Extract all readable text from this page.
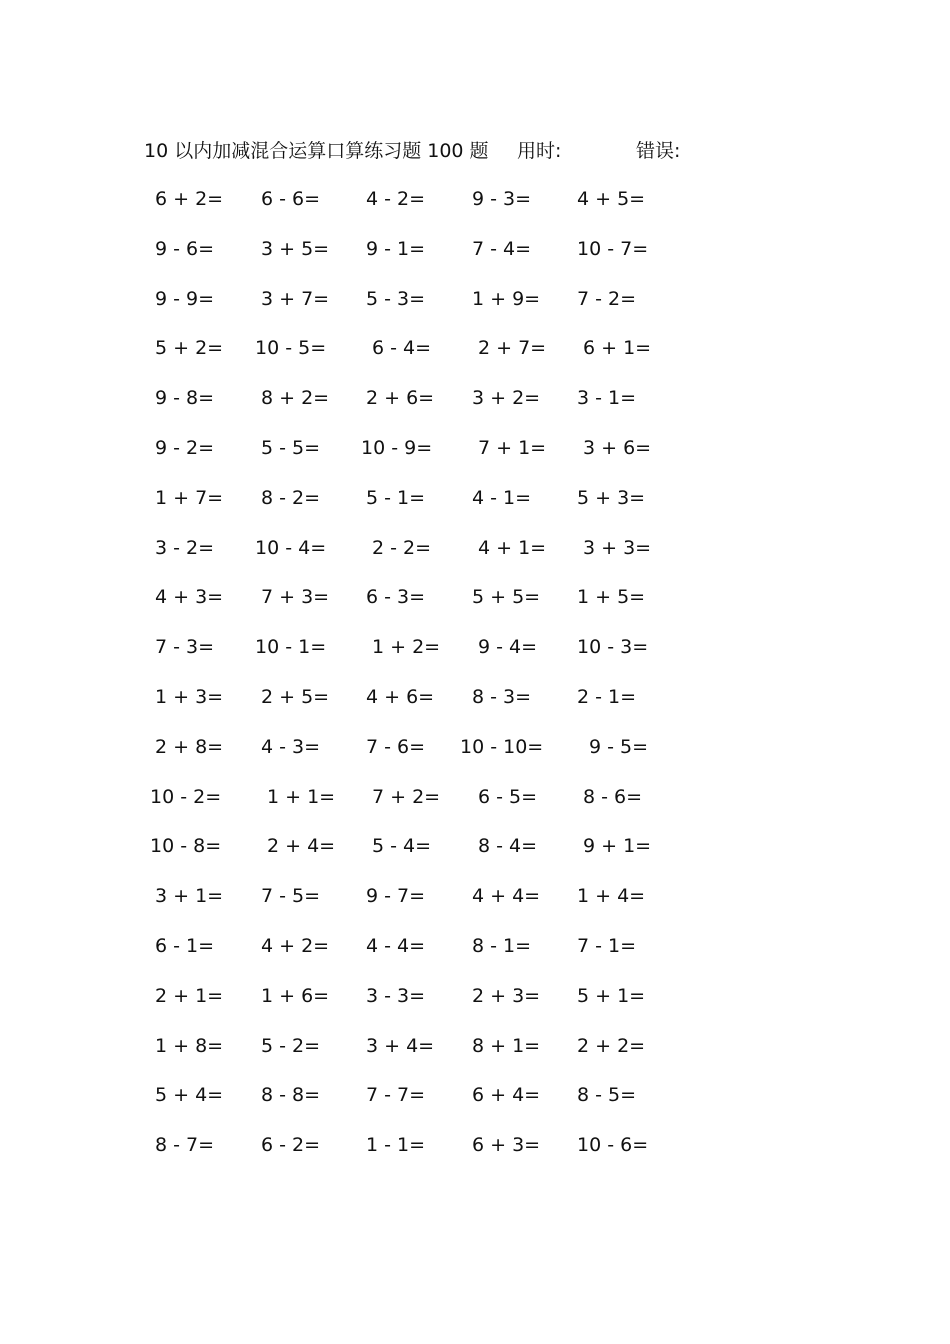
10 以内加减混合运算口算练习题 100 题 用时:	错误:
6 + 2= 6 - 6= 4 - 2= 9 - 3= 4 + 5=
9 - 6= 3 + 5= 9 - 1= 7 - 4= 10 - 7=
9 - 9= 3 + 7= 5 - 3= 1 + 9= 7 - 2=
5 + 2= 10 - 5= 6 - 4= 2 + 7= 6 + 1=
9 - 8= 8 + 2= 2 + 6= 3 + 2= 3 - 1=
9 - 2= 5 - 5= 10 - 9= 7 + 1= 3 + 6=
1 + 7= 8 - 2= 5 - 1= 4 - 1= 5 + 3=
3 - 2= 10 - 4= 2 - 2= 4 + 1= 3 + 3=
4 + 3= 7 + 3= 6 - 3= 5 + 5= 1 + 5=
7 - 3= 10 - 1= 1 + 2= 9 - 4= 10 - 3=
1 + 3= 2 + 5= 4 + 6= 8 - 3= 2 - 1=
2 + 8= 4 - 3= 7 - 6= 10 - 10= 9 - 5=
10 - 2= 1 + 1= 7 + 2= 6 - 5= 8 - 6=
10 - 8= 2 + 4= 5 - 4= 8 - 4= 9 + 1=
3 + 1= 7 - 5= 9 - 7= 4 + 4= 1 + 4=
6 - 1= 4 + 2= 4 - 4= 8 - 1= 7 - 1=
2 + 1= 1 + 6= 3 - 3= 2 + 3= 5 + 1=
1 + 8= 5 - 2= 3 + 4= 8 + 1= 2 + 2=
5 + 4= 8 - 8= 7 - 7= 6 + 4= 8 - 5=
8 - 7= 6 - 2= 1 - 1= 6 + 3= 10 - 6=
